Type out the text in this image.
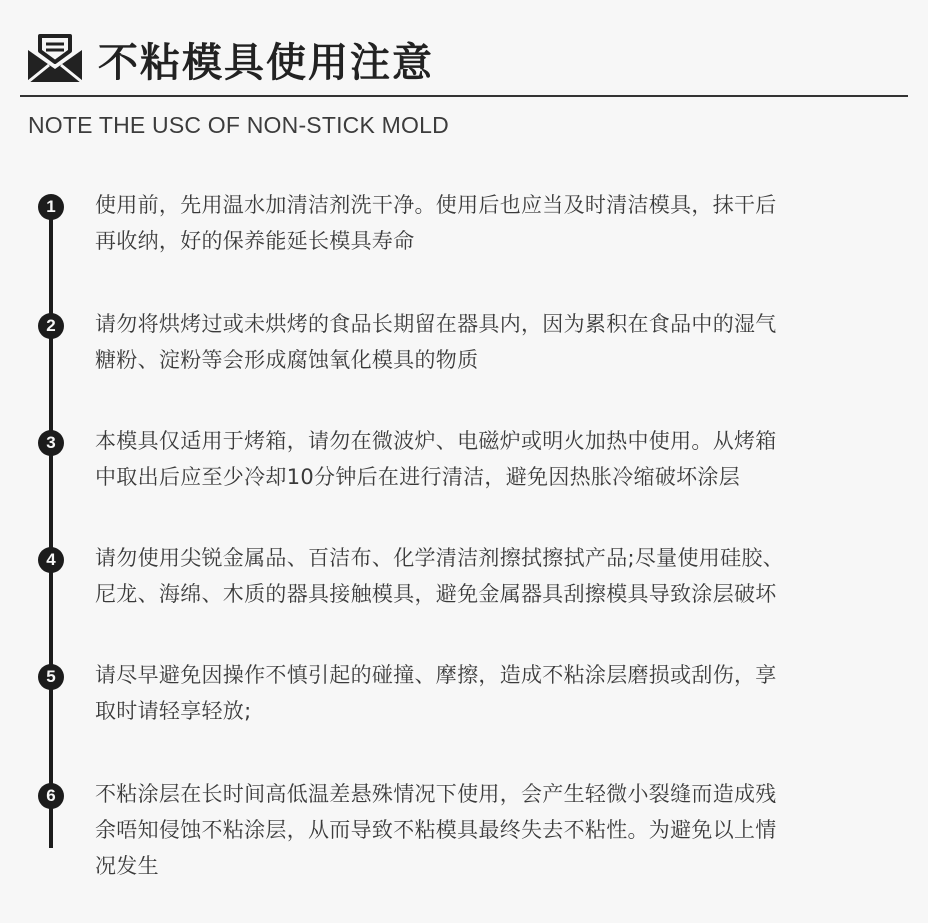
不粘模具使用注意
NOTE THE USC OF NON-STICK MOLD
1	使用前，先用温水加清洁剂洗干净。使用后也应当及时清洁模具，抹干后
再收纳，好的保养能延长模具寿命
2	请勿将烘烤过或未烘烤的食品长期留在器具内，因为累积在食品中的湿气
糖粉、淀粉等会形成腐蚀氧化模具的物质
3	本模具仅适用于烤箱，请勿在微波炉、电磁炉或明火加热中使用。从烤箱
中取出后应至少冷却10分钟后在进行清洁，避免因热胀冷缩破坏涂层
4	请勿使用尖锐金属品、百洁布、化学清洁剂擦拭擦拭产品;尽量使用硅胶、
尼龙、海绵、木质的器具接触模具，避免金属器具刮擦模具导致涂层破坏
5	请尽早避免因操作不慎引起的碰撞、摩擦，造成不粘涂层磨损或刮伤，享
取时请轻享轻放;
6	不粘涂层在长时间高低温差悬殊情况下使用，会产生轻微小裂缝而造成残
余唔知侵蚀不粘涂层，从而导致不粘模具最终失去不粘性。为避免以上情
况发生
